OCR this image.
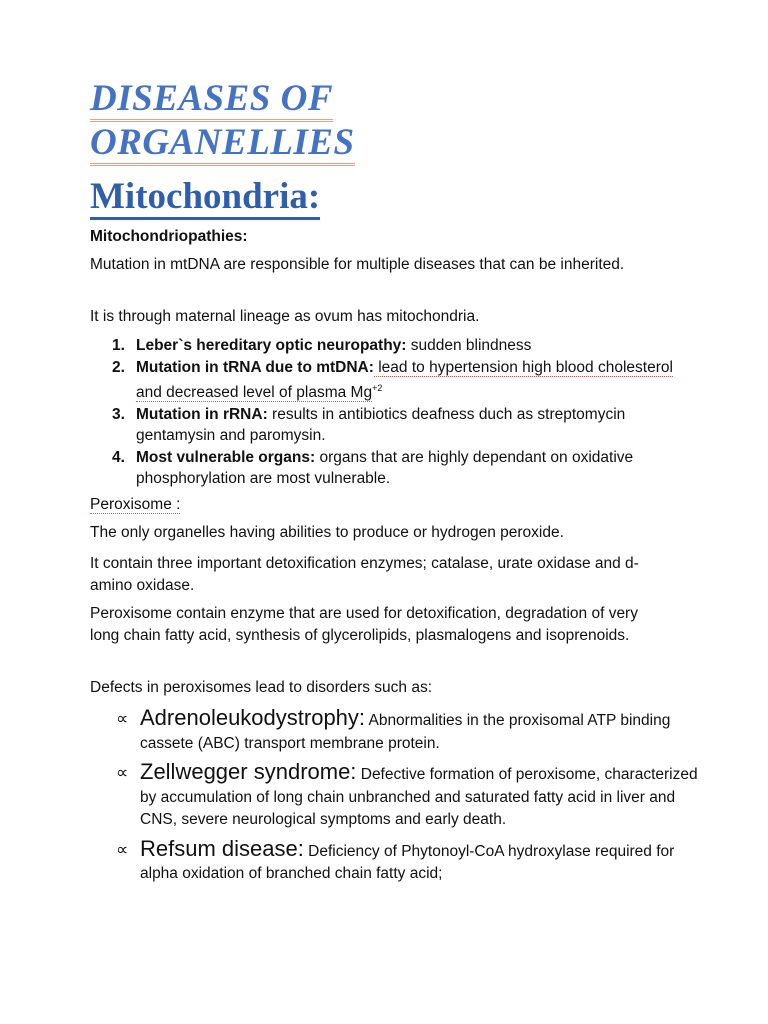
DISEASES OF
ORGANELLIES
Mitochondria:

Mitochondriopathies:

Mutation in mtDNA are responsible for multiple diseases that can be inherited.

It is through maternal lineage as ovum has mitochondria.

1. Leber`s hereditary optic neuropathy: sudden blindness
2. Mutation in tRNA due to mtDNA: lead to hypertension high blood cholesterol and decreased level of plasma $Mg^{+2}$
3. Mutation in rRNA: results in antibiotics deafness duch as streptomycin gentamysin and paromysin.
4. Most vulnerable organs: organs that are highly dependant on oxidative phosphorylation are most vulnerable.

Peroxisome :

The only organelles having abilities to produce or hydrogen peroxide.

It contain three important detoxification enzymes; catalase, urate oxidase and d-amino oxidase.

Peroxisome contain enzyme that are used for detoxification, degradation of very long chain fatty acid, synthesis of glycerolipids, plasmalogens and isoprenoids.

Defects in peroxisomes lead to disorders such as:

∝ Adrenoleukodystrophy: Abnormalities in the proxisomal ATP binding cassete (ABC) transport membrane protein.
∝ Zellwegger syndrome: Defective formation of peroxisome, characterized by accumulation of long chain unbranched and saturated fatty acid in liver and CNS, severe neurological symptoms and early death.
∝ Refsum disease: Deficiency of Phytonoyl-CoA hydroxylase required for alpha oxidation of branched chain fatty acid;
